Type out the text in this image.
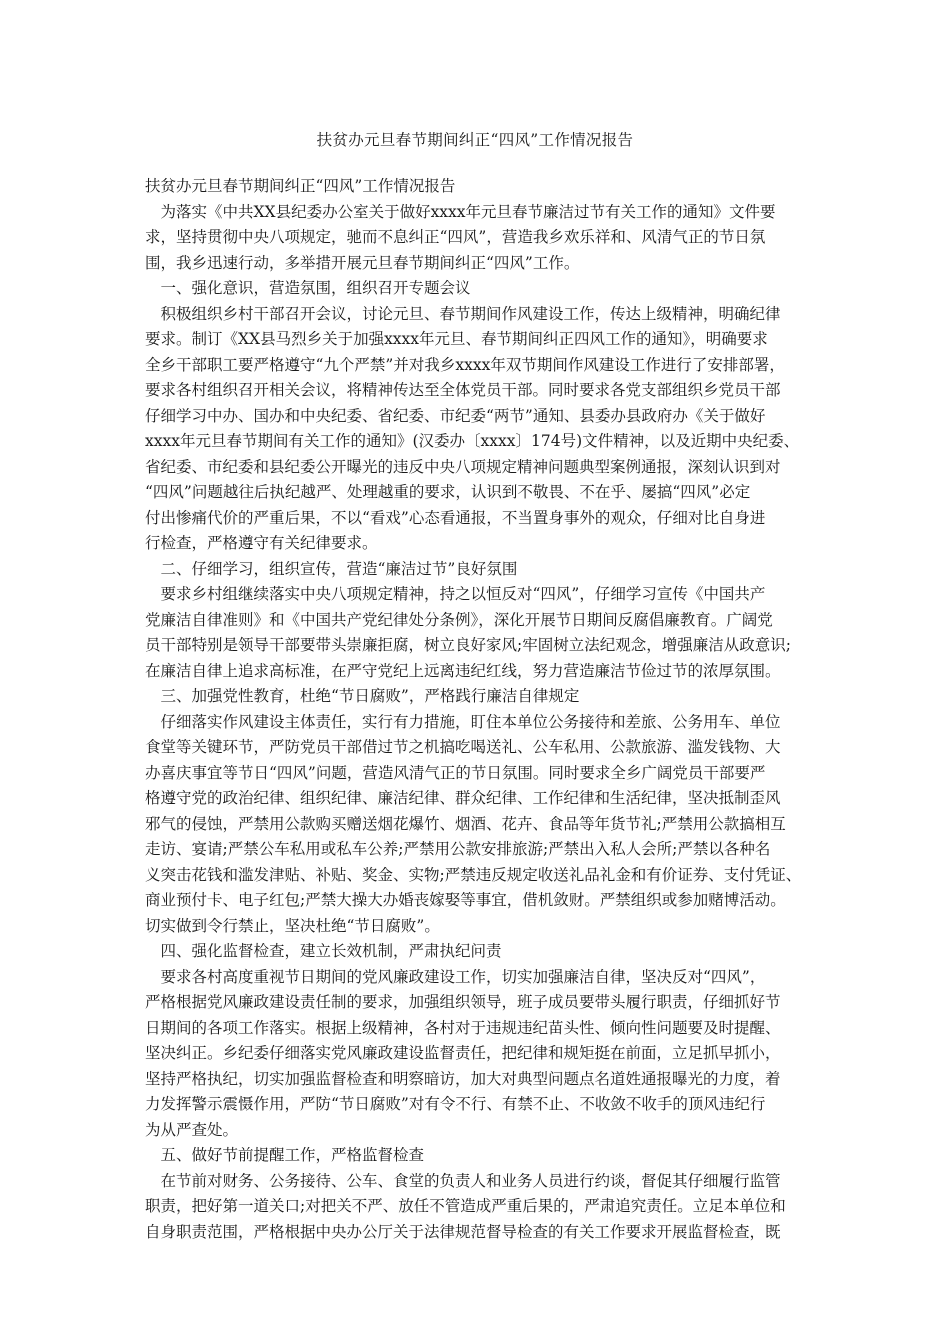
扶贫办元旦春节期间纠正“四风”工作情况报告
扶贫办元旦春节期间纠正“四风”工作情况报告
　为落实《中共XX县纪委办公室关于做好xxxx年元旦春节廉洁过节有关工作的通知》文件要
求，坚持贯彻中央八项规定，驰而不息纠正“四风”，营造我乡欢乐祥和、风清气正的节日氛
围，我乡迅速行动，多举措开展元旦春节期间纠正“四风”工作。
　一、强化意识，营造氛围，组织召开专题会议
　积极组织乡村干部召开会议，讨论元旦、春节期间作风建设工作，传达上级精神，明确纪律
要求。制订《XX县马烈乡关于加强xxxx年元旦、春节期间纠正四风工作的通知》，明确要求
全乡干部职工要严格遵守“九个严禁”并对我乡xxxx年双节期间作风建设工作进行了安排部署，
要求各村组织召开相关会议，将精神传达至全体党员干部。同时要求各党支部组织乡党员干部
仔细学习中办、国办和中央纪委、省纪委、市纪委“两节”通知、县委办县政府办《关于做好
xxxx年元旦春节期间有关工作的通知》(汉委办〔xxxx〕174号)文件精神，以及近期中央纪委、
省纪委、市纪委和县纪委公开曝光的违反中央八项规定精神问题典型案例通报，深刻认识到对
“四风”问题越往后执纪越严、处理越重的要求，认识到不敬畏、不在乎、屡搞“四风”必定
付出惨痛代价的严重后果，不以“看戏”心态看通报，不当置身事外的观众，仔细对比自身进
行检查，严格遵守有关纪律要求。
　二、仔细学习，组织宣传，营造“廉洁过节”良好氛围
　要求乡村组继续落实中央八项规定精神，持之以恒反对“四风”，仔细学习宣传《中国共产
党廉洁自律准则》和《中国共产党纪律处分条例》，深化开展节日期间反腐倡廉教育。广阔党
员干部特别是领导干部要带头崇廉拒腐，树立良好家风;牢固树立法纪观念，增强廉洁从政意识;
在廉洁自律上追求高标准，在严守党纪上远离违纪红线，努力营造廉洁节俭过节的浓厚氛围。
　三、加强党性教育，杜绝“节日腐败”，严格践行廉洁自律规定
　仔细落实作风建设主体责任，实行有力措施，盯住本单位公务接待和差旅、公务用车、单位
食堂等关键环节，严防党员干部借过节之机搞吃喝送礼、公车私用、公款旅游、滥发钱物、大
办喜庆事宜等节日“四风”问题，营造风清气正的节日氛围。同时要求全乡广阔党员干部要严
格遵守党的政治纪律、组织纪律、廉洁纪律、群众纪律、工作纪律和生活纪律，坚决抵制歪风
邪气的侵蚀，严禁用公款购买赠送烟花爆竹、烟酒、花卉、食品等年货节礼;严禁用公款搞相互
走访、宴请;严禁公车私用或私车公养;严禁用公款安排旅游;严禁出入私人会所;严禁以各种名
义突击花钱和滥发津贴、补贴、奖金、实物;严禁违反规定收送礼品礼金和有价证券、支付凭证、
商业预付卡、电子红包;严禁大操大办婚丧嫁娶等事宜，借机敛财。严禁组织或参加赌博活动。
切实做到令行禁止，坚决杜绝“节日腐败”。
　四、强化监督检查，建立长效机制，严肃执纪问责
　要求各村高度重视节日期间的党风廉政建设工作，切实加强廉洁自律，坚决反对“四风”，
严格根据党风廉政建设责任制的要求，加强组织领导，班子成员要带头履行职责，仔细抓好节
日期间的各项工作落实。根据上级精神，各村对于违规违纪苗头性、倾向性问题要及时提醒、
坚决纠正。乡纪委仔细落实党风廉政建设监督责任，把纪律和规矩挺在前面，立足抓早抓小，
坚持严格执纪，切实加强监督检查和明察暗访，加大对典型问题点名道姓通报曝光的力度，着
力发挥警示震慑作用，严防“节日腐败”对有令不行、有禁不止、不收敛不收手的顶风违纪行
为从严查处。
　五、做好节前提醒工作，严格监督检查
　在节前对财务、公务接待、公车、食堂的负责人和业务人员进行约谈，督促其仔细履行监管
职责，把好第一道关口;对把关不严、放任不管造成严重后果的，严肃追究责任。立足本单位和
自身职责范围，严格根据中央办公厅关于法律规范督导检查的有关工作要求开展监督检查，既
